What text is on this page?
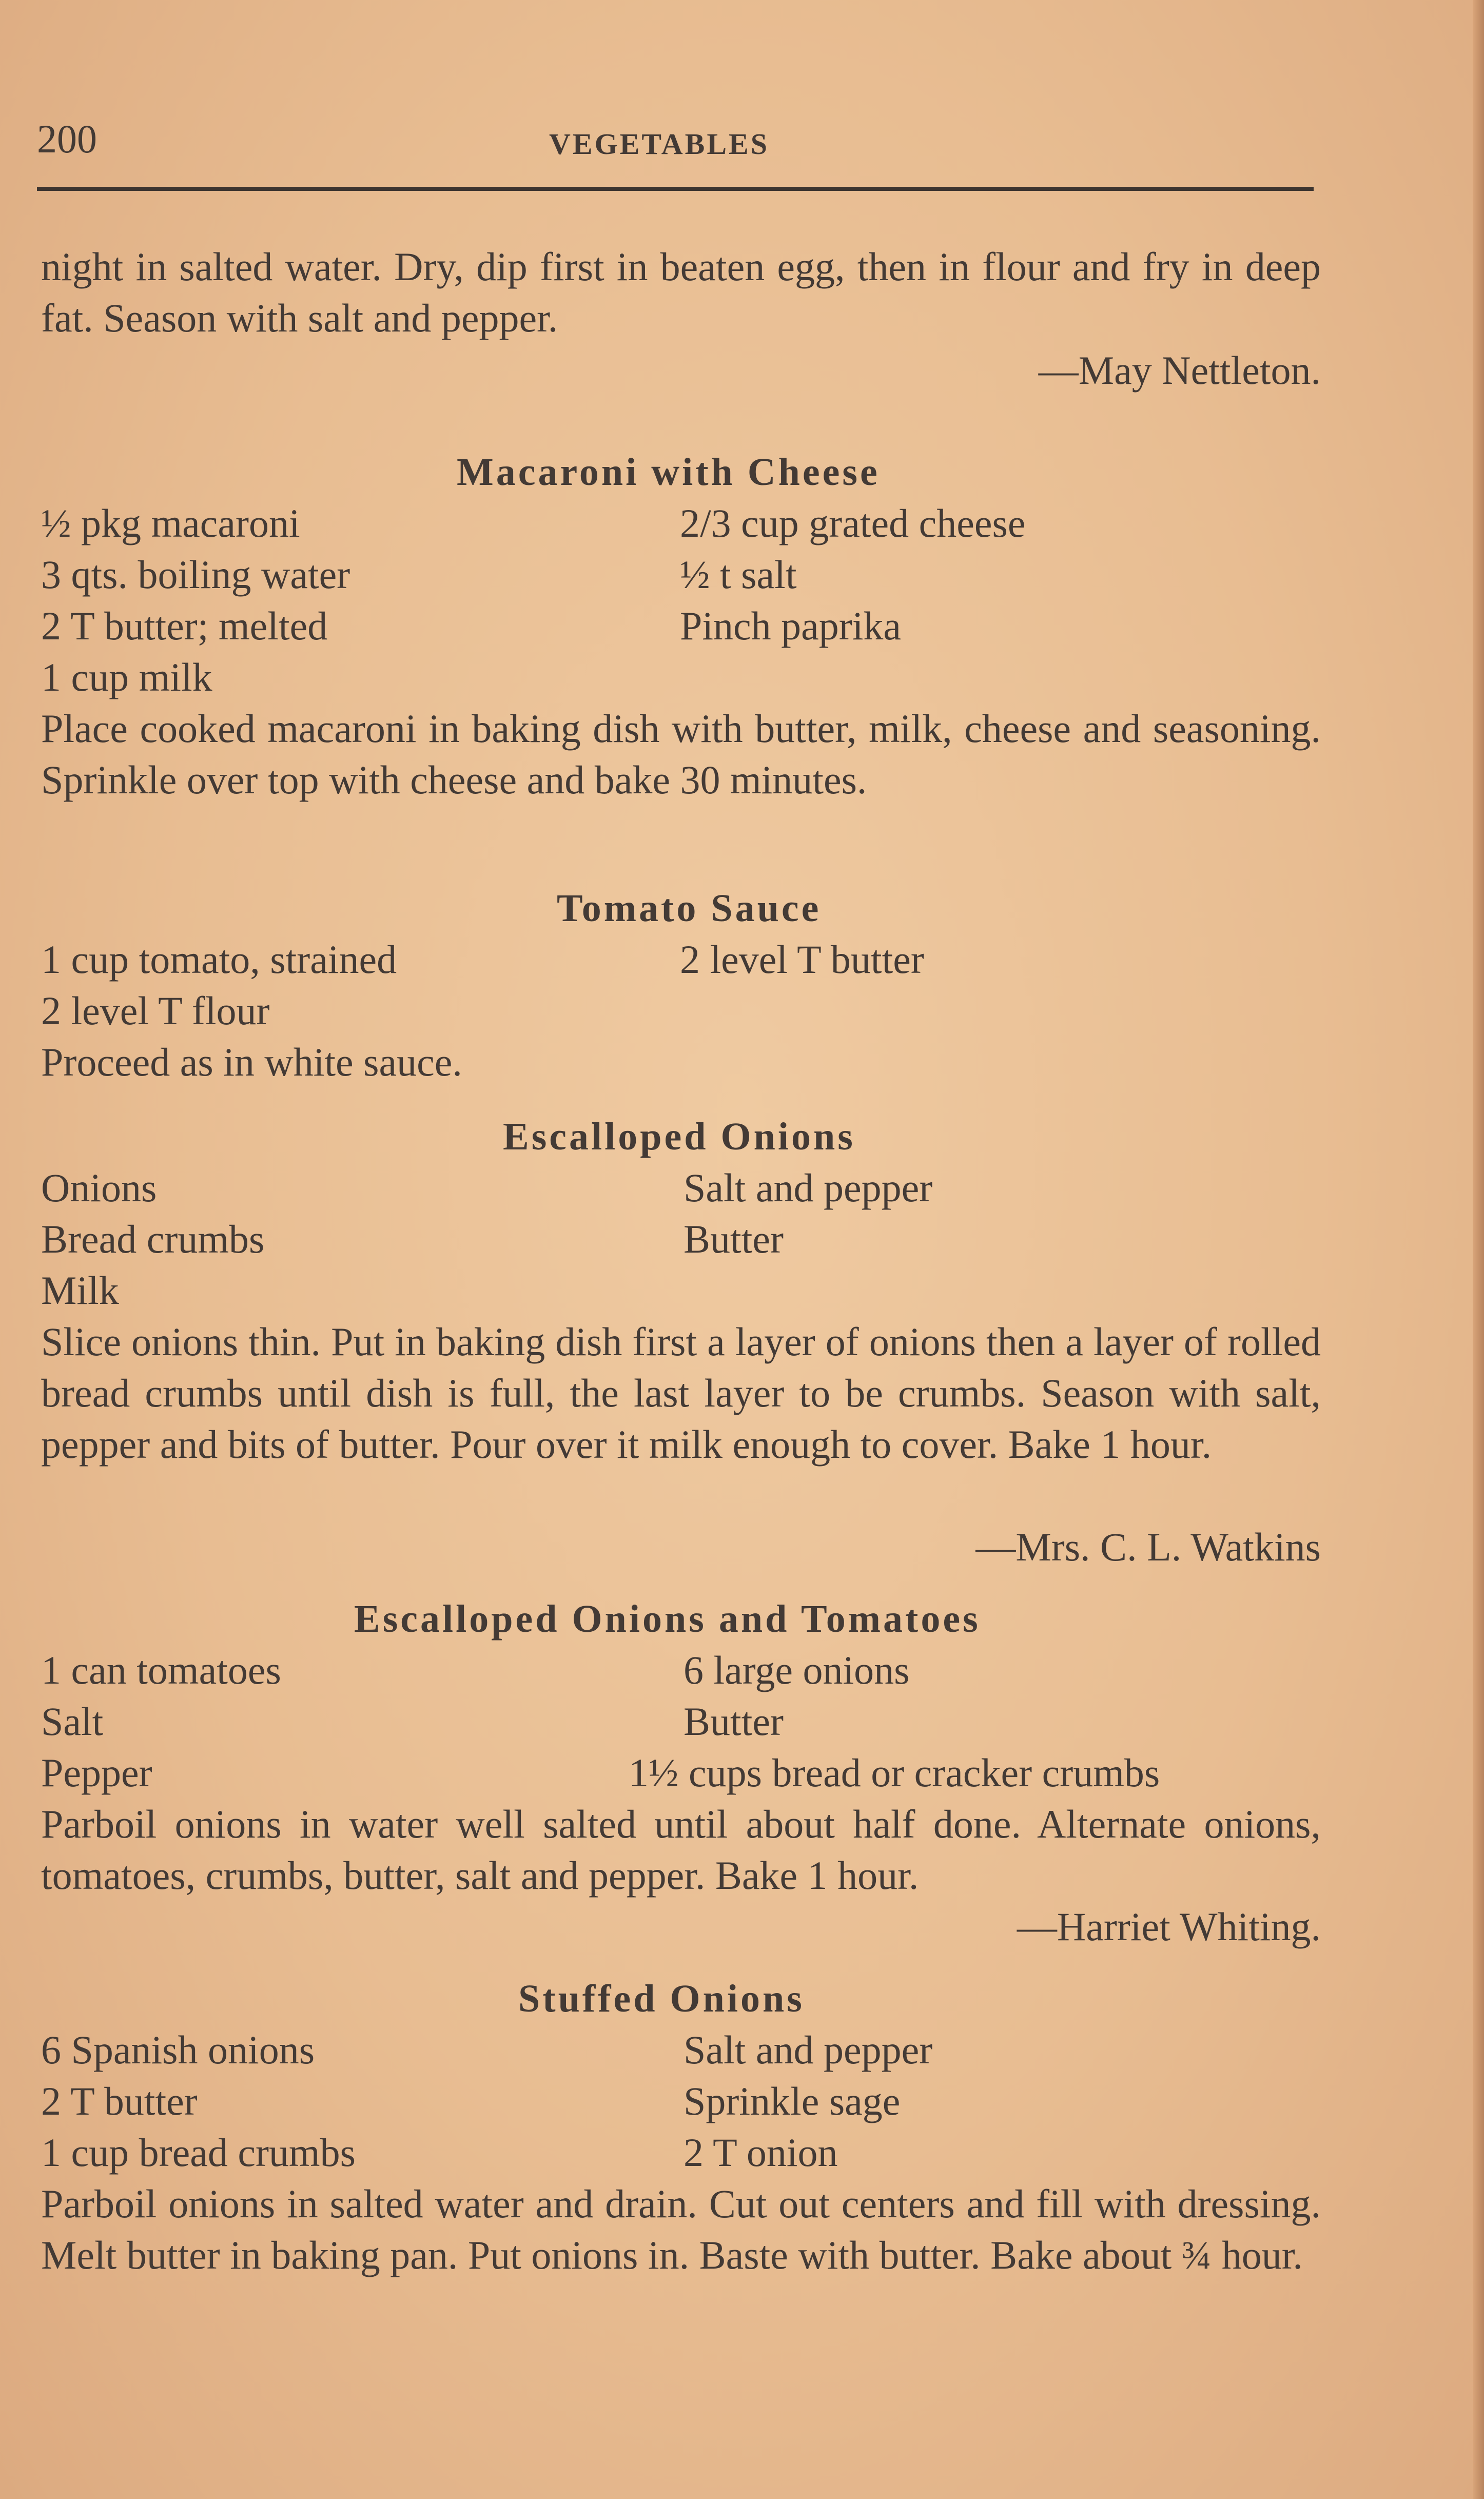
200	VEGETABLES
night in salted water. Dry, dip first in beaten egg, then in flour and fry in deep fat. Season with salt and pepper.
—May Nettleton.
Macaroni with Cheese
½ pkg macaroni
3 qts. boiling water
2 T butter; melted
1 cup milk
2/3 cup grated cheese
½ t salt
Pinch paprika
Place cooked macaroni in baking dish with butter, milk, cheese and seasoning. Sprinkle over top with cheese and bake 30 minutes.
Tomato Sauce
1 cup tomato, strained
2 level T flour
2 level T butter
Proceed as in white sauce.
Escalloped Onions
Onions
Bread crumbs
Milk
Salt and pepper
Butter
Slice onions thin. Put in baking dish first a layer of onions then a layer of rolled bread crumbs until dish is full, the last layer to be crumbs. Season with salt, pepper and bits of butter. Pour over it milk enough to cover. Bake 1 hour.
—Mrs. C. L. Watkins
Escalloped Onions and Tomatoes
1 can tomatoes
Salt
Pepper
6 large onions
Butter
1½ cups bread or cracker crumbs
Parboil onions in water well salted until about half done. Alternate onions, tomatoes, crumbs, butter, salt and pepper. Bake 1 hour.
—Harriet Whiting.
Stuffed Onions
6 Spanish onions
2 T butter
1 cup bread crumbs
Salt and pepper
Sprinkle sage
2 T onion
Parboil onions in salted water and drain. Cut out centers and fill with dressing. Melt butter in baking pan. Put onions in. Baste with butter. Bake about ¾ hour.
